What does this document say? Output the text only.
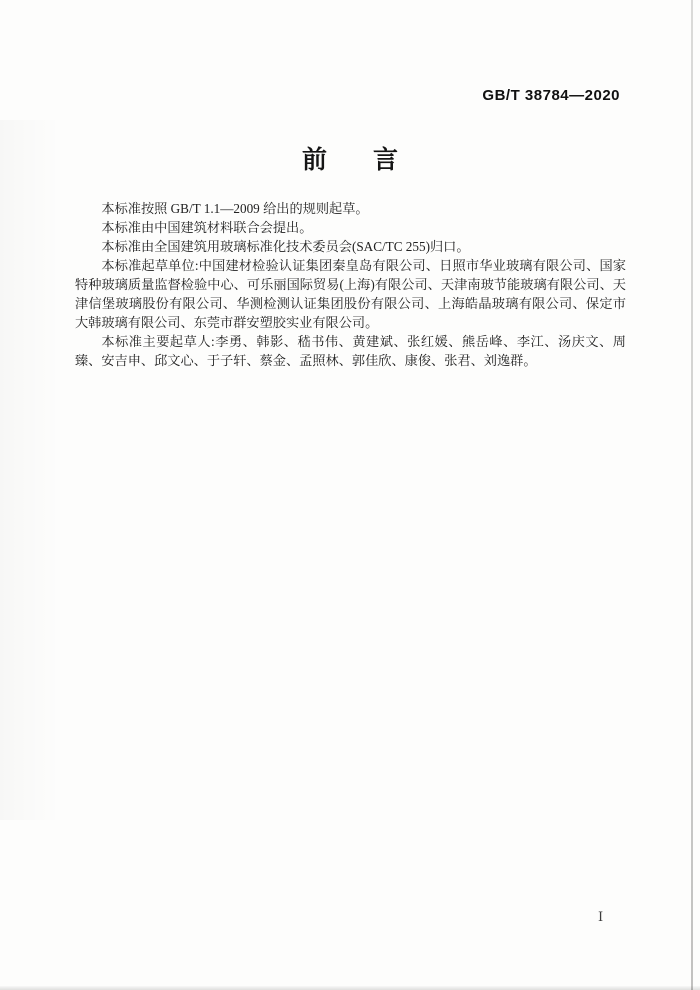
GB/T 38784—2020
前言

本标准按照 GB/T 1.1—2009 给出的规则起草。

本标准由中国建筑材料联合会提出。

本标准由全国建筑用玻璃标准化技术委员会(SAC/TC 255)归口。

本标准起草单位:中国建材检验认证集团秦皇岛有限公司、日照市华业玻璃有限公司、国家特种玻璃质量监督检验中心、可乐丽国际贸易(上海)有限公司、天津南玻节能玻璃有限公司、天津信堡玻璃股份有限公司、华测检测认证集团股份有限公司、上海皓晶玻璃有限公司、保定市大韩玻璃有限公司、东莞市群安塑胶实业有限公司。

本标准主要起草人:李勇、韩影、嵇书伟、黄建斌、张红媛、熊岳峰、李江、汤庆文、周臻、安吉申、邱文心、于子轩、蔡金、孟照林、郭佳欣、康俊、张君、刘逸群。

Ⅰ
